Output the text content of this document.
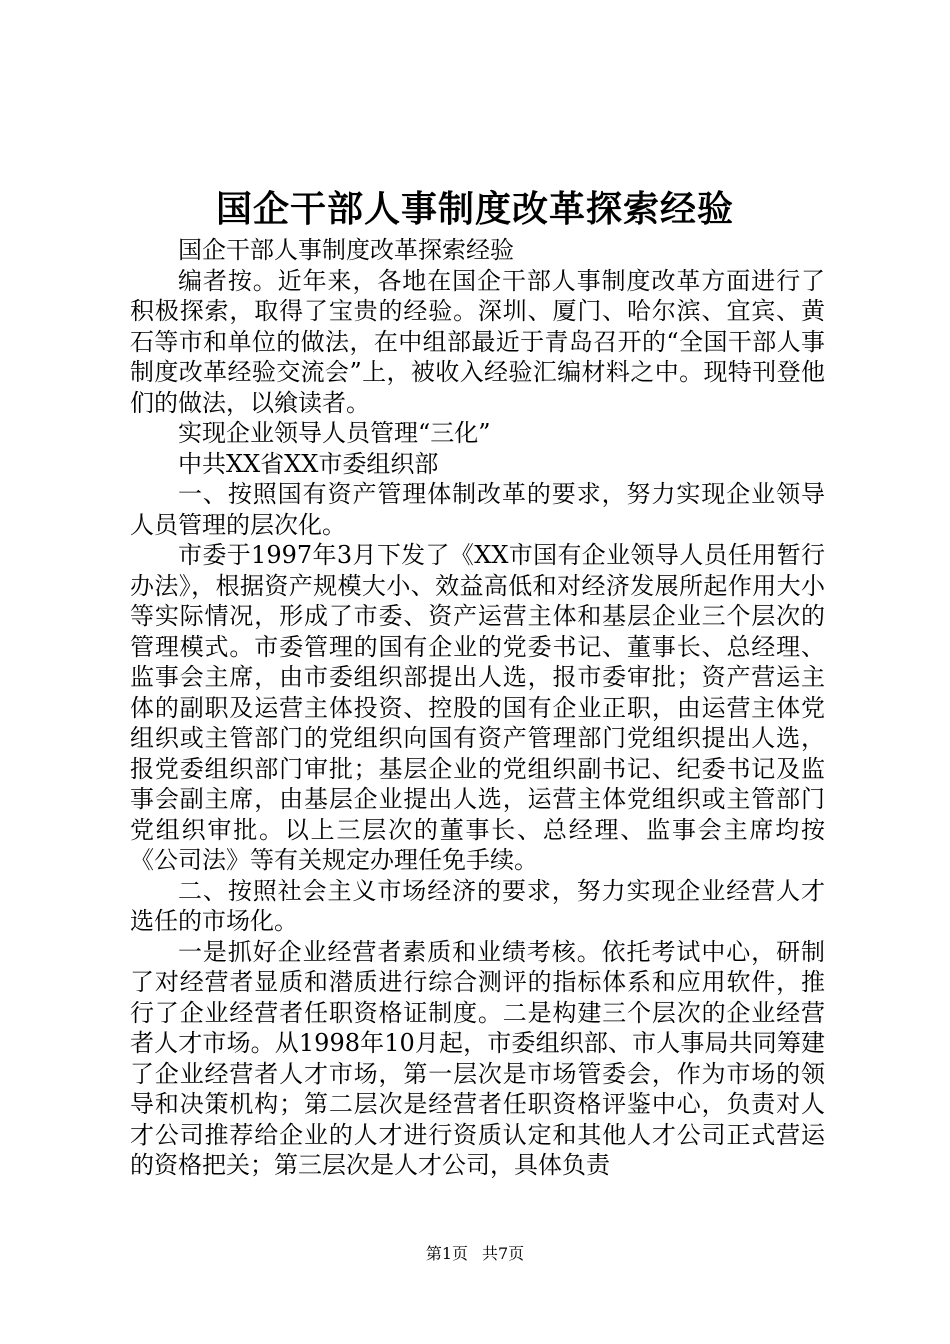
国企干部人事制度改革探索经验

国企干部人事制度改革探索经验

编者按。近年来，各地在国企干部人事制度改革方面进行了积极探索，取得了宝贵的经验。深圳、厦门、哈尔滨、宜宾、黄石等市和单位的做法，在中组部最近于青岛召开的“全国干部人事制度改革经验交流会”上，被收入经验汇编材料之中。现特刊登他们的做法，以飨读者。

实现企业领导人员管理“三化”

中共XX省XX市委组织部

一、按照国有资产管理体制改革的要求，努力实现企业领导人员管理的层次化。

市委于1997年3月下发了《XX市国有企业领导人员任用暂行办法》，根据资产规模大小、效益高低和对经济发展所起作用大小等实际情况，形成了市委、资产运营主体和基层企业三个层次的管理模式。市委管理的国有企业的党委书记、董事长、总经理、监事会主席，由市委组织部提出人选，报市委审批；资产营运主体的副职及运营主体投资、控股的国有企业正职，由运营主体党组织或主管部门的党组织向国有资产管理部门党组织提出人选，报党委组织部门审批；基层企业的党组织副书记、纪委书记及监事会副主席，由基层企业提出人选，运营主体党组织或主管部门党组织审批。以上三层次的董事长、总经理、监事会主席均按《公司法》等有关规定办理任免手续。

二、按照社会主义市场经济的要求，努力实现企业经营人才选任的市场化。

一是抓好企业经营者素质和业绩考核。依托考试中心，研制了对经营者显质和潜质进行综合测评的指标体系和应用软件，推行了企业经营者任职资格证制度。二是构建三个层次的企业经营者人才市场。从1998年10月起，市委组织部、市人事局共同筹建了企业经营者人才市场，第一层次是市场管委会，作为市场的领导和决策机构；第二层次是经营者任职资格评鉴中心，负责对人才公司推荐给企业的人才进行资质认定和其他人才公司正式营运的资格把关；第三层次是人才公司，具体负责

第1页 共7页
